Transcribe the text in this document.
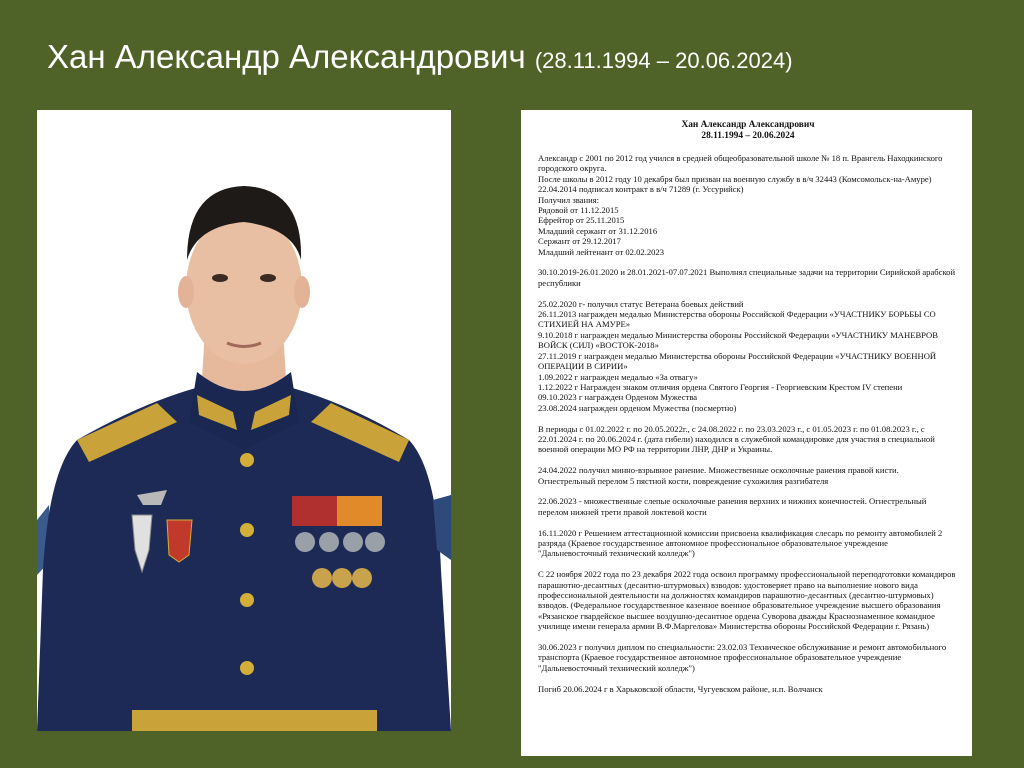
Хан Александр Александрович (28.11.1994 – 20.06.2024)
Хан Александр Александрович
28.11.1994 – 20.06.2024

Александр с 2001 по 2012 год учился в средней общеобразовательной школе № 18 п. Врангель Находкинского городского округа.
После школы в 2012 году 10 декабря был призван на военную службу в в/ч 32443 (Комсомольск-на-Амуре)
22.04.2014 подписал контракт в в/ч 71289 (г. Уссурийск)
Получил звания:
Рядовой от 11.12.2015
Ефрейтор от 25.11.2015
Младший сержант от 31.12.2016
Сержант от 29.12.2017
Младший лейтенант от 02.02.2023

30.10.2019-26.01.2020 и 28.01.2021-07.07.2021 Выполнял специальные задачи на территории Сирийской арабской республики

25.02.2020 г- получил статус Ветерана боевых действий
26.11.2013 награжден медалью Министерства обороны Российской Федерации «УЧАСТНИКУ БОРЬБЫ СО СТИХИЕЙ НА АМУРЕ»
9.10.2018 г награжден медалью Министерства обороны Российской Федерации «УЧАСТНИКУ МАНЕВРОВ ВОЙСК (СИЛ) «ВОСТОК-2018»
27.11.2019 г награжден медалью Министерства обороны Российской Федерации «УЧАСТНИКУ ВОЕННОЙ ОПЕРАЦИИ В СИРИИ»
1.09.2022 г награжден медалью «За отвагу»
1.12.2022 г Награжден знаком отличия ордена Святого Георгия - Георгиевским Крестом IV степени
09.10.2023 г награжден Орденом Мужества
23.08.2024 награжден орденом Мужества (посмертно)

В периоды с 01.02.2022 г. по 20.05.2022г., с 24.08.2022 г. по 23.03.2023 г., с 01.05.2023 г. по 01.08.2023 г., с 22.01.2024 г. по 20.06.2024 г. (дата гибели) находился в служебной командировке для участия в специальной военной операции МО РФ на территории ЛНР, ДНР и Украины.

24.04.2022 получил минно-взрывное ранение. Множественные осколочные ранения правой кисти. Огнестрельный перелом 5 пястной кости, повреждение сухожилия разгибателя

22.06.2023 - множественные слепые осколочные ранения верхних и нижних конечностей. Огнестрельный перелом нижней трети правой локтевой кости

16.11.2020 г Решением аттестационной комиссии присвоена квалификация слесарь по ремонту автомобилей 2 разряда (Краевое государственное автономное профессиональное образовательное учреждение "Дальневосточный технический колледж")

С 22 ноября 2022 года по 23 декабря 2022 года освоил программу профессиональной переподготовки командиров парашютно-десантных (десантно-штурмовых) взводов: удостоверяет право на выполнение нового вида профессиональной деятельности на должностях командиров парашютно-десантных (десантно-штурмовых) взводов. (Федеральное государственное казенное военное образовательное учреждение высшего образования «Рязанское гвардейское высшее воздушно-десантное ордена Суворова дважды Краснознаменное командное училище имени генерала армии В.Ф.Маргелова» Министерства обороны Российской Федерации г. Рязань)

30.06.2023 г получил диплом по специальности: 23.02.03 Техническое обслуживание и ремонт автомобильного транспорта (Краевое государственное автономное профессиональное образовательное учреждение "Дальневосточный технический колледж")

Погиб 20.06.2024 г в Харьковской области, Чугуевском районе, н.п. Волчанск
